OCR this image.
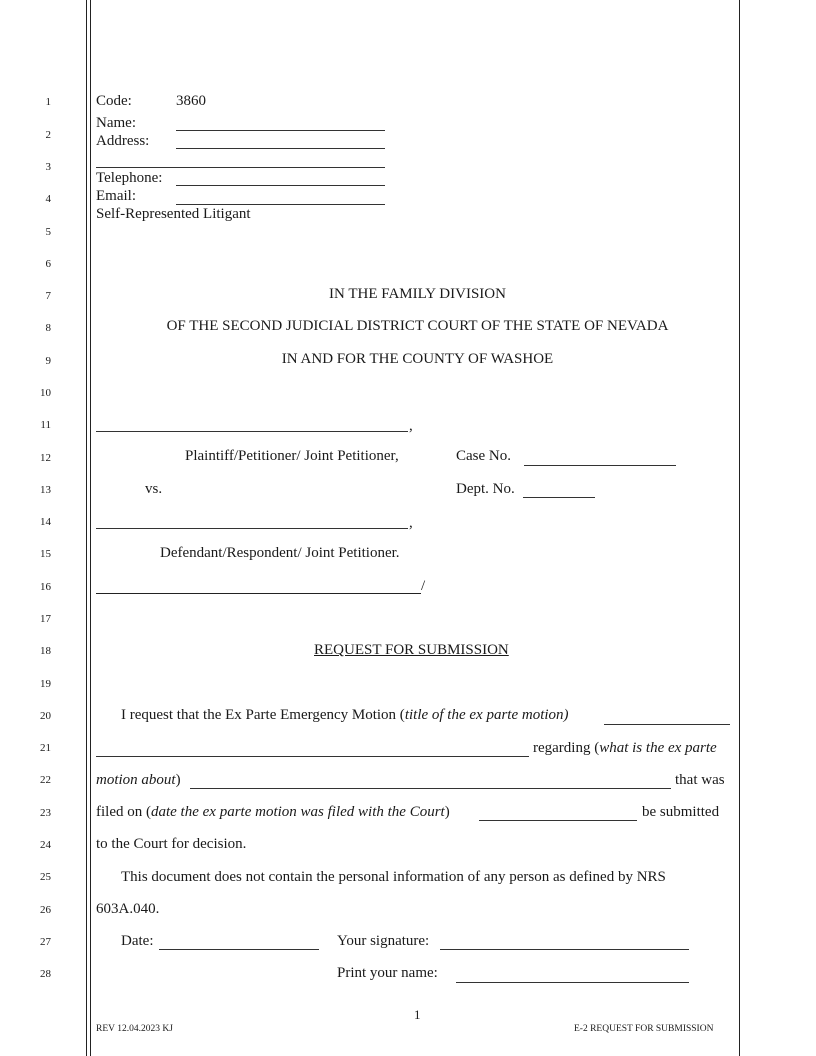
1
2
3
4
5
6
7
8
9
10
11
12
13
14
15
16
17
18
19
20
21
22
23
24
25
26
27
28
Code:	3860
Name:
Address:
Telephone:
Email:
Self-Represented Litigant
IN THE FAMILY DIVISION
OF THE SECOND JUDICIAL DISTRICT COURT OF THE STATE OF NEVADA
IN AND FOR THE COUNTY OF WASHOE
,
Plaintiff/Petitioner/ Joint Petitioner,	Case No.
vs.	Dept. No.
,
Defendant/Respondent/ Joint Petitioner.
/
REQUEST FOR SUBMISSION
I request that the Ex Parte Emergency Motion (title of the ex parte motion)
regarding (what is the ex parte
motion about)	that was
filed on (date the ex parte motion was filed with the Court)	be submitted
to the Court for decision.
This document does not contain the personal information of any person as defined by NRS
603A.040.
Date:	Your signature:
Print your name:
1
REV 12.04.2023 KJ	E-2 REQUEST FOR SUBMISSION
